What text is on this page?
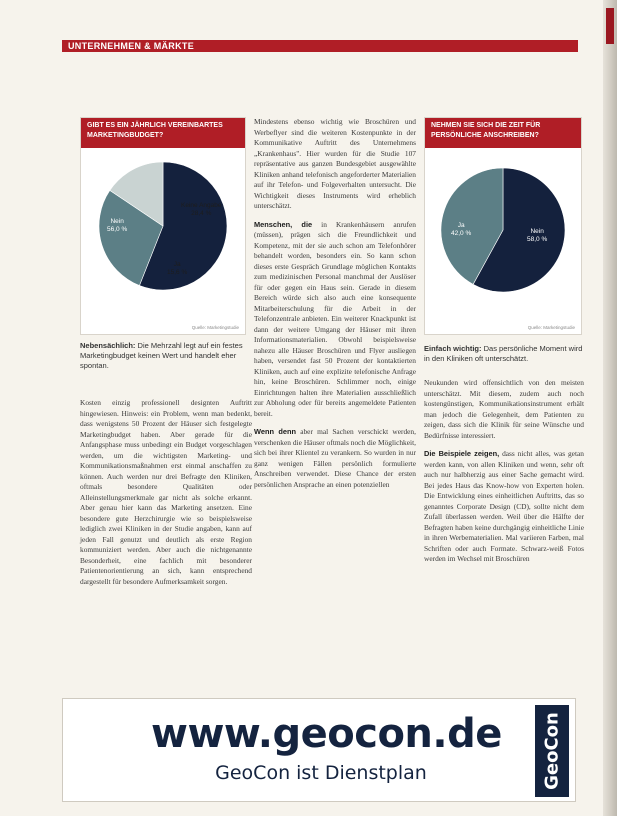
UNTERNEHMEN & MÄRKTE
GIBT ES EIN JÄHRLICH VEREINBARTES
MARKETINGBUDGET?
Nein
56,0 %
Keine Angabe
28,4 %
Ja
15,6 %
Quelle: Marketingstudie
Nebensächlich: Die Mehrzahl legt auf ein festes Marketingbudget keinen Wert und handelt eher spontan.
NEHMEN SIE SICH DIE ZEIT FÜR
PERSÖNLICHE ANSCHREIBEN?
Ja
42,0 %	Nein
58,0 %
Quelle: Marketingstudie
Einfach wichtig: Das persönliche Moment wird in den Kliniken oft unterschätzt.

Kosten einzig professionell designten Auftritt hingewiesen. Hinweis: ein Problem, wenn man bedenkt, dass wenigstens 50 Prozent der Häuser sich festgelegte Marketingbudget haben. Aber gerade für die Anfangsphase muss unbedingt ein Budget vorgeschlagen werden, um die wichtigsten Marketing- und Kommunikationsmaßnahmen erst einmal anschaffen zu können. Auch werden nur drei Befragte den Kliniken, oftmals besondere Qualitäten oder Alleinstellungsmerkmale gar nicht als solche erkannt. Aber genau hier kann das Marketing ansetzen. Eine besondere gute Herzchirurgie wie so beispielsweise lediglich zwei Kliniken in der Studie angaben, kann auf jeden Fall genutzt und deutlich als erste Region kommuniziert werden. Aber auch die nichtgenannte Besonderheit, eine fachlich mit besonderer Patientenorientierung an sich, kann entsprechend dargestellt für besondere Aufmerksamkeit sorgen.

Mindestens ebenso wichtig wie Broschüren und Werbeflyer sind die weiteren Kostenpunkte in der Kommunikative Auftritt des Unternehmens „Krankenhaus". Hier wurden für die Studie 107 repräsentative aus ganzen Bundesgebiet ausgewählte Kliniken anhand telefonisch angeforderter Materialien auf ihr Telefon- und Folgeverhalten untersucht. Die Wichtigkeit dieses Instruments wird erheblich unterschätzt.

Menschen, die in Krankenhäusern anrufen (müssen), prägen sich die Freundlichkeit und Kompetenz, mit der sie auch schon am Telefonhörer behandelt worden, besonders ein. So kann schon dieses erste Gespräch Grundlage möglichen Kontakts zum medizinischen Personal manchmal der Auslöser für oder gegen ein Haus sein. Gerade in diesem Bereich würde sich also auch eine konsequente Mitarbeiterschulung für die Arbeit in der Telefonzentrale anbieten. Ein weiterer Knackpunkt ist dann der weitere Umgang der Häuser mit ihren Informationsmaterialien. Obwohl beispielsweise nahezu alle Häuser Broschüren und Flyer ausliegen haben, versendet fast 50 Prozent der kontaktierten Kliniken, auch auf eine explizite telefonische Anfrage hin, keine Broschüren. Schlimmer noch, einige Einrichtungen halten ihre Materialien ausschließlich zur Abholung oder für bereits angemeldete Patienten bereit.

Wenn denn aber mal Sachen verschickt werden, verschenken die Häuser oftmals noch die Möglichkeit, sich bei ihrer Klientel zu verankern. So wurden in nur ganz wenigen Fällen persönlich formulierte Anschreiben verwendet. Diese Chance der ersten persönlichen Ansprache an einen potenziellen

Neukunden wird offensichtlich von den meisten unterschätzt. Mit diesem, zudem auch noch kostengünstigen, Kommunikationsinstrument erhält man jedoch die Gelegenheit, dem Patienten zu zeigen, dass sich die Klinik für seine Wünsche und Bedürfnisse interessiert.

Die Beispiele zeigen, dass nicht alles, was getan werden kann, von allen Kliniken und wenn, sehr oft auch nur halbherzig aus einer Sache gemacht wird. Bei jedes Haus das Know-how von Experten holen. Die Entwicklung eines einheitlichen Auftritts, das so genanntes Corporate Design (CD), sollte nicht dem Zufall überlassen werden. Weil über die Hälfte der Befragten haben keine durchgängig einheitliche Linie in ihren Werbematerialien. Mal variieren Farben, mal Schriften oder auch Formate. Schwarz-weiß Fotos werden im Wechsel mit Broschüren

www.geocon.de
GeoCon ist Dienstplan	GeoCon
